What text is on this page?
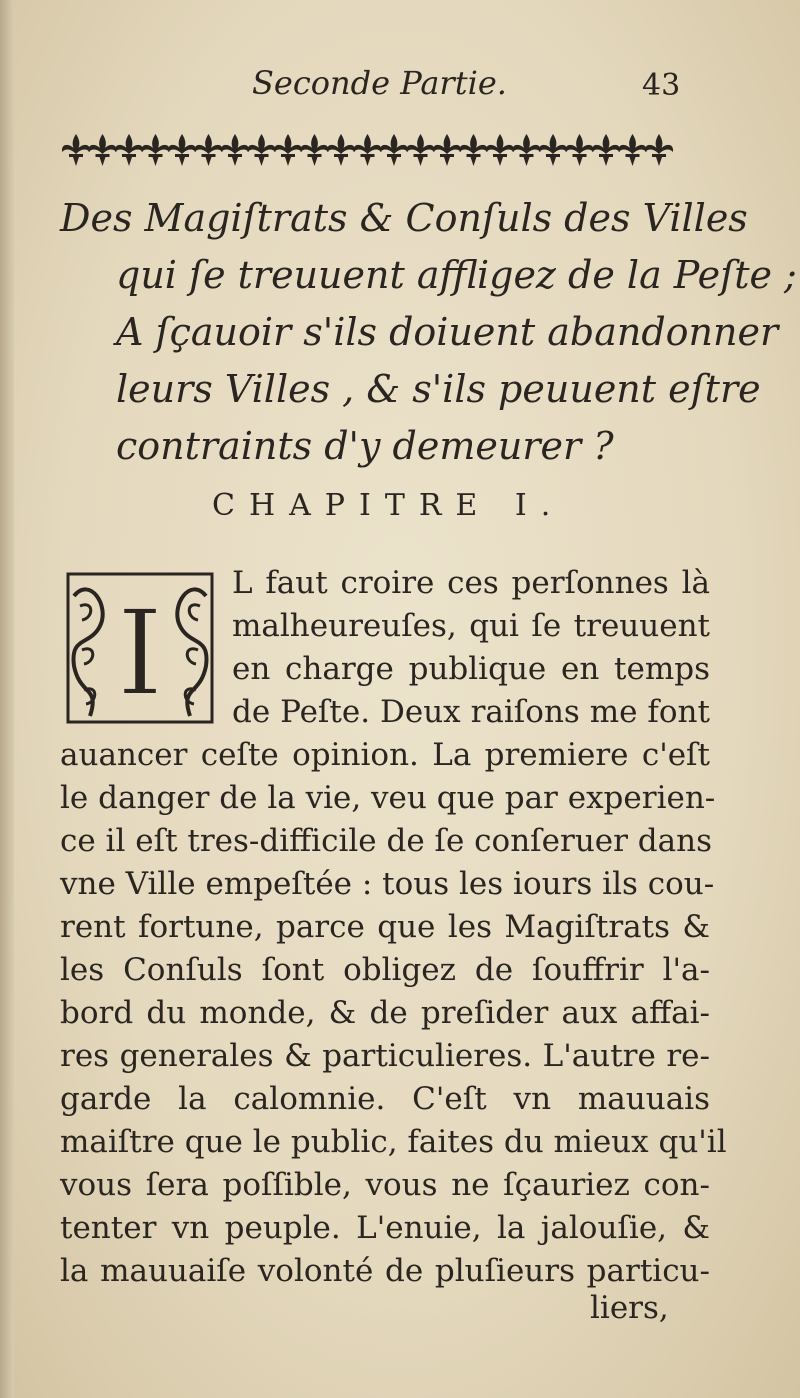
Seconde Partie.	43
Des Magiſtrats & Conſuls des Villes
qui ſe treuuent affligez de la Peſte ;
A ſçauoir s'ils doiuent abandonner
leurs Villes , & s'ils peuuent eſtre
contraints d'y demeurer ?
CHAPITRE I.
I
L faut croire ces perſonnes là
malheureuſes, qui ſe treuuent
en charge publique en temps
de Peſte. Deux raiſons me font
auancer ceſte opinion. La premiere c'eſt
le danger de la vie, veu que par experien-
ce il eſt tres-difficile de ſe conſeruer dans
vne Ville empeſtée : tous les iours ils cou-
rent fortune, parce que les Magiſtrats &
les Conſuls ſont obligez de ſouffrir l'a-
bord du monde, & de preſider aux affai-
res generales & particulieres. L'autre re-
garde la calomnie. C'eſt vn mauuais
maiſtre que le public, faites du mieux qu'il
vous ſera poſſible, vous ne ſçauriez con-
tenter vn peuple. L'enuie, la jalouſie, &
la mauuaiſe volonté de pluſieurs particu-
liers,
